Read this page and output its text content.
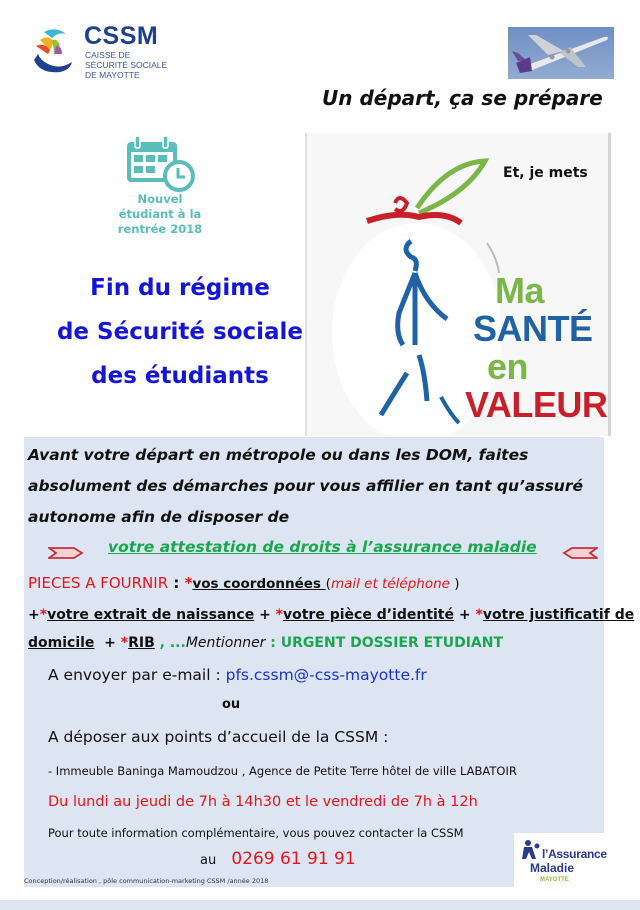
CSSM
CAISSE DE
SÉCURITÉ SOCIALE
DE MAYOTTE
Un départ, ça se prépare
Nouvel
étudiant à la
rentrée 2018
Fin du régime
de Sécurité sociale
des étudiants
Et, je mets
Ma
SANTÉ
en
VALEUR
Avant votre départ en métropole ou dans les DOM, faites
absolument des démarches pour vous affilier en tant qu’assuré
autonome afin de disposer de
votre attestation de droits à l’assurance maladie
PIECES A FOURNIR : *vos coordonnées (mail et téléphone )
+*votre extrait de naissance + *votre pièce d’identité + *votre justificatif de
domicile + *RIB , ...Mentionner : URGENT DOSSIER ETUDIANT
A envoyer par e-mail : pfs.cssm@-css-mayotte.fr
ou
A déposer aux points d’accueil de la CSSM :
- Immeuble Baninga Mamoudzou , Agence de Petite Terre hôtel de ville LABATOIR
Du lundi au jeudi de 7h à 14h30 et le vendredi de 7h à 12h
Pour toute information complémentaire, vous pouvez contacter la CSSM
au 0269 61 91 91
Conception/réalisation , pôle communication-marketing CSSM /année 2018
l’Assurance
Maladie
MAYOTTE
